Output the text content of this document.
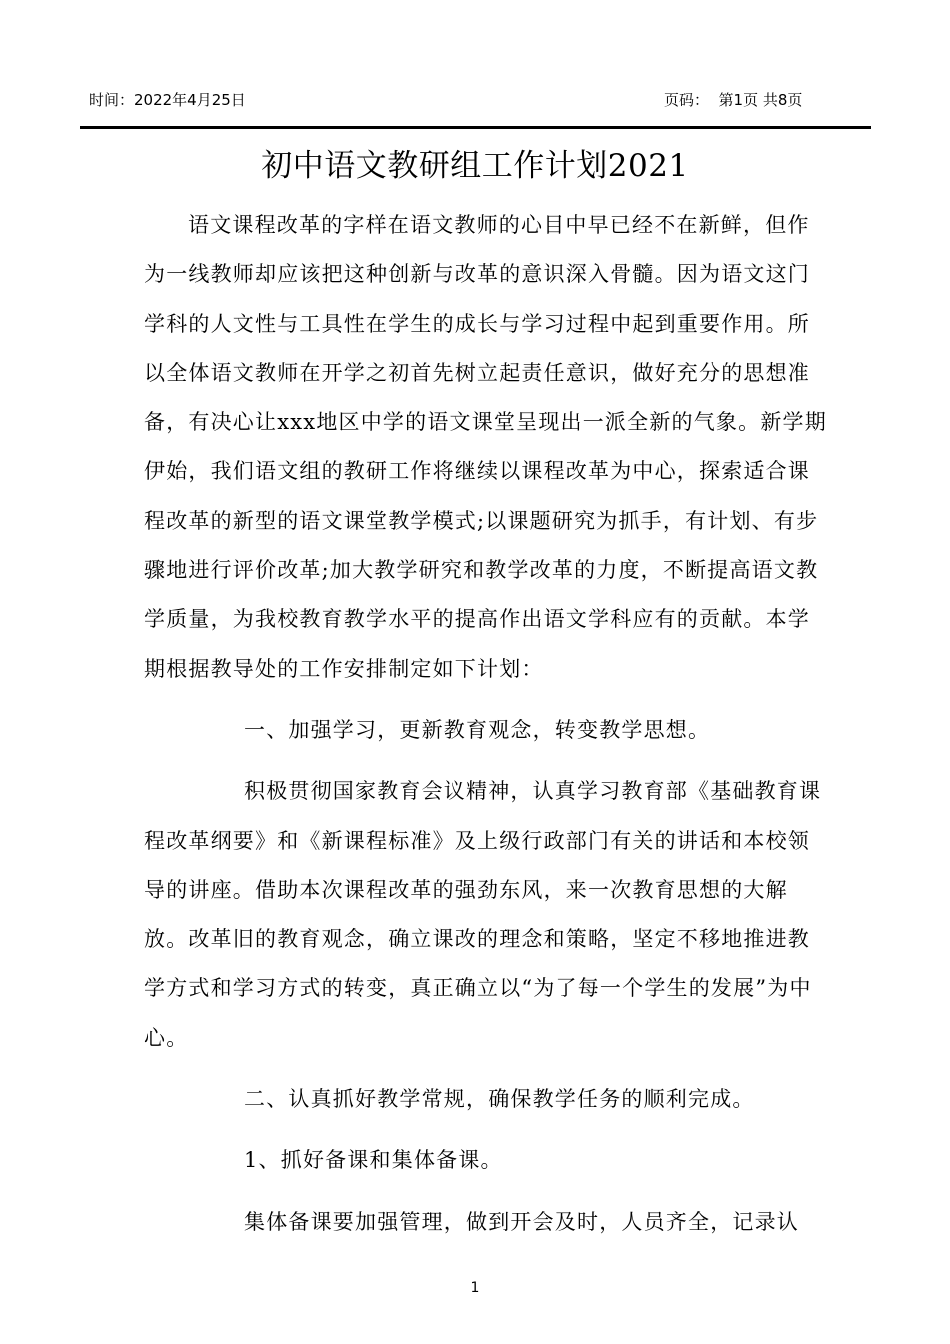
时间：2022年4月25日	页码：  第1页 共8页
初中语文教研组工作计划2021

语文课程改革的字样在语文教师的心目中早已经不在新鲜，但作为一线教师却应该把这种创新与改革的意识深入骨髓。因为语文这门学科的人文性与工具性在学生的成长与学习过程中起到重要作用。所以全体语文教师在开学之初首先树立起责任意识，做好充分的思想准备，有决心让xxx地区中学的语文课堂呈现出一派全新的气象。新学期伊始，我们语文组的教研工作将继续以课程改革为中心，探索适合课程改革的新型的语文课堂教学模式;以课题研究为抓手，有计划、有步骤地进行评价改革;加大教学研究和教学改革的力度，不断提高语文教学质量，为我校教育教学水平的提高作出语文学科应有的贡献。本学期根据教导处的工作安排制定如下计划：

一、加强学习，更新教育观念，转变教学思想。

积极贯彻国家教育会议精神，认真学习教育部《基础教育课程改革纲要》和《新课程标准》及上级行政部门有关的讲话和本校领导的讲座。借助本次课程改革的强劲东风，来一次教育思想的大解放。改革旧的教育观念，确立课改的理念和策略，坚定不移地推进教学方式和学习方式的转变，真正确立以“为了每一个学生的发展”为中心。

二、认真抓好教学常规，确保教学任务的顺利完成。

1、抓好备课和集体备课。

集体备课要加强管理，做到开会及时，人员齐全，记录认

1
